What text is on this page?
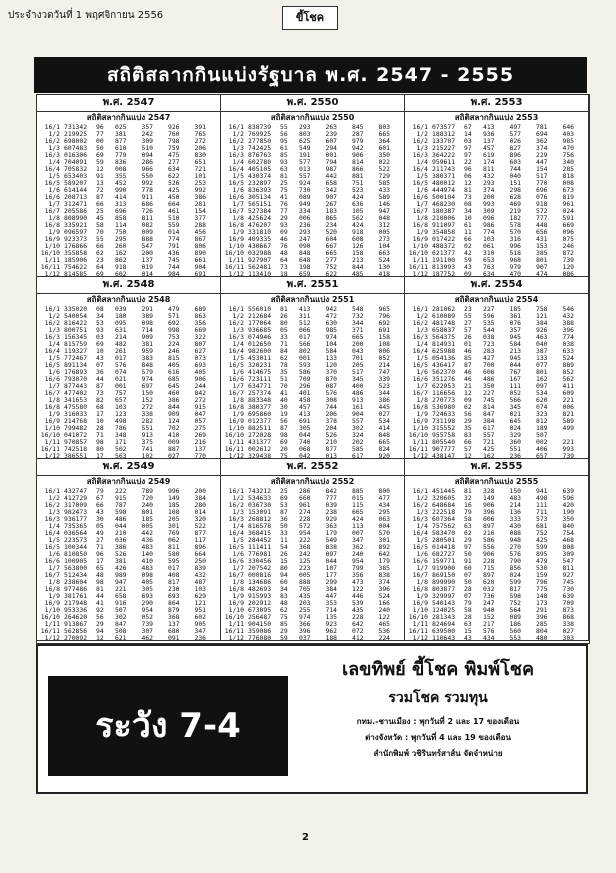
ประจำงวดวันที่ 1 พฤศจิกายน 2556	ขี้โชค
สถิติสลากกินแบ่งรัฐบาล พ.ศ. 2547 - 2555
พ.ศ. 2547
สถิติสลากกินแบ่ง 2547
16/1	731342	96	025	357	926	391
1/2	219925	77	381	242	760	765
16/2	698002	00	877	309	798	272
1/3	607483	50	610	510	759	206
16/3	016306	69	779	094	475	830
1/4	704091	59	836	286	277	651
16/4	705832	12	008	966	634	721
1/5	653403	91	355	550	622	101
16/5	589207	13	452	992	526	253
1/6	614144	72	990	778	425	992
16/6	208713	87	414	911	450	386
1/7	312471	66	313	686	664	281
16/7	205586	25	696	726	461	154
1/8	808990	45	858	811	510	377
16/8	335921	58	114	082	559	288
1/9	096597	70	750	009	014	456
16/9	923373	55	295	888	774	867
1/10	176866	66	260	547	791	806
16/10	355858	62	162	200	436	890
1/11	185906	23	862	137	745	661
16/11	754622	64	918	019	744	904
1/12	814585	69	602	014	984	691

พ.ศ. 2550
สถิติสลากกินแบ่ง 2550
16/1	838739	55	293	263	845	803
1/2	769925	56	803	239	287	665
16/2	277850	95	625	607	979	364
1/3	742425	61	549	294	942	601
16/3	876763	85	191	001	906	350
1/4	602780	93	577	794	814	022
16/4	405105	63	013	987	866	522
1/5	430374	81	557	442	881	729
16/5	232897	25	924	658	751	585
1/6	836393	75	730	342	523	433
16/6	305134	41	089	907	424	589
1/7	565151	76	949	267	636	146
16/7	527384	77	334	183	105	947
1/8	425624	29	006	865	562	048
16/8	476207	93	236	234	424	312
1/9	331810	09	293	520	918	005
16/9	409335	46	247	604	608	273
1/10	430667	76	090	667	126	104
16/10	032988	48	848	665	158	663
1/11	927907	64	648	277	213	524
16/11	562481	73	198	752	844	130
1/12	113410	18	659	622	485	418

พ.ศ. 2553
สถิติสลากกินแบ่ง 2553
16/1	073577	67	413	497	781	646
1/2	188312	14	936	577	694	403
16/2	133707	03	137	026	362	985
1/3	215227	97	457	827	374	470
16/3	364222	97	619	896	229	756
1/4	959611	22	174	603	447	340
16/4	211743	96	811	744	154	285
1/5	380371	06	432	040	517	818
16/5	480012	12	293	151	770	008
1/6	444974	81	374	298	696	673
16/6	500104	73	200	628	076	819
1/7	468230	08	993	469	918	961
16/7	180387	34	309	219	572	024
1/8	210006	10	096	182	777	591
16/8	911097	61	986	578	448	669
1/9	354858	11	774	570	656	096
16/9	017422	66	103	316	431	075
1/10	488372	02	061	996	153	246
16/10	621377	42	310	518	385	872
1/11	191100	59	653	968	801	739
16/11	813993	43	763	979	907	129
1/12	187752	09	634	470	474	086

พ.ศ. 2548
สถิติสลากกินแบ่ง 2548
16/1	335020	08	039	291	479	689
1/2	540054	34	180	389	571	863
16/2	816422	53	095	098	692	356
1/3	800751	93	631	714	998	669
16/3	156345	03	214	909	753	322
1/4	815759	69	482	381	224	807
16/4	119327	10	261	959	246	627
1/5	772467	43	017	383	815	073
16/5	891134	07	576	848	405	693
1/6	176893	36	074	579	616	405
16/6	793070	44	021	974	685	906
1/7	877443	87	001	697	645	244
16/7	477402	73	757	150	460	842
1/8	341653	82	657	152	386	272
16/8	475580	68	103	272	844	915
1/9	316033	17	123	338	909	047
16/9	214768	10	498	282	124	057
1/10	799482	28	786	551	702	275
16/10	041072	71	348	913	410	269
1/11	970857	98	171	375	009	216
16/11	742518	80	502	741	887	137
1/12	386551	17	563	102	027	770

พ.ศ. 2551
สถิติสลากกินแบ่ง 2551
16/1	556010	81	413	942	548	965
1/2	212684	26	311	472	732	796
16/2	177064	80	512	630	344	692
1/3	936685	05	066	985	371	691
16/3	074946	33	017	974	665	158
1/4	012650	71	566	104	200	108
16/4	982600	84	802	584	043	006
1/5	453011	62	001	133	701	052
16/5	320231	78	593	120	205	214
1/6	414675	35	586	370	517	747
16/6	723111	51	709	870	345	339
1/7	634771	70	296	087	400	523
16/7	257374	41	401	576	486	344
1/8	883348	40	458	308	913	386
16/8	380377	30	457	744	161	445
1/9	695860	19	413	206	904	027
16/9	012377	56	691	378	557	534
1/10	882511	87	305	204	302	414
16/10	272028	98	044	526	324	848
1/11	431377	69	740	210	202	665
16/11	002612	20	068	877	585	824
1/12	329438	75	042	013	617	920

พ.ศ. 2554
สถิติสลากกินแบ่ง 2554
16/1	281062	23	227	185	758	546
1/2	610089	55	596	361	121	432
16/2	481748	27	535	076	384	388
1/3	658037	57	544	357	926	396
16/3	564375	26	038	945	463	774
1/4	814931	01	723	584	040	038
16/4	625988	46	283	213	387	633
1/5	054136	85	427	945	133	524
16/5	436417	87	700	044	077	889
1/6	562370	46	606	767	801	852
16/6	351276	46	486	167	162	562
1/7	622953	21	350	111	097	411
16/7	116656	12	227	052	534	609
1/8	270773	09	745	566	620	221
16/8	536980	62	814	345	074	006
1/9	724633	56	847	021	323	821
16/9	731198	29	384	645	812	589
1/10	315552	35	617	024	189	499
16/10	955758	83	557	329	507	
1/11	805540	66	721	360	002	221
16/11	907777	57	425	551	406	993
1/12	438147	12	162	236	657	739

พ.ศ. 2549
สถิติสลากกินแบ่ง 2549
16/1	432747	79	222	789	996	200
1/2	412729	67	915	720	149	384
16/2	317009	66	787	240	185	280
1/3	982473	43	598	801	108	014
16/3	936177	30	486	185	205	320
1/4	735365	05	044	005	301	522
16/4	036564	49	210	442	769	877
1/5	223573	27	036	436	062	117
16/5	100344	71	386	483	811	896
1/6	810850	96	526	140	580	664
16/6	100905	17	381	410	595	250
1/7	563800	65	426	483	017	839
16/7	512434	48	989	098	408	432
1/8	238604	98	947	405	817	487
16/8	977486	81	221	305	230	103
1/9	381761	44	658	693	693	629
16/9	217948	41	916	290	864	121
1/10	953336	92	507	954	879	951
16/10	264620	56	302	052	368	602
1/11	913867	29	847	739	137	905
16/11	562856	94	508	307	680	347
1/12	270092	12	621	462	091	236

พ.ศ. 2552
สถิติสลากกินแบ่ง 2552
16/1	743212	25	286	842	885	800
1/2	534633	69	660	777	015	477
16/2	036730	53	961	039	115	434
1/3	153091	87	274	238	665	295
16/3	268812	36	228	929	424	063
1/4	816578	50	572	363	113	004
16/4	368415	33	954	179	007	570
1/5	284452	11	222	549	347	301
16/5	111411	54	368	838	362	892
1/6	776981	26	242	097	240	642
16/6	330456	15	125	044	954	179
1/7	207542	80	223	107	799	385
16/7	000816	94	005	177	356	838
1/8	134686	60	888	299	473	374
16/8	482693	34	705	384	122	396
1/9	915993	83	435	447	446	524
16/9	202912	48	203	353	539	166
1/10	673095	62	255	714	435	240
16/10	256487	75	974	135	228	122
1/11	904150	85	366	923	642	465
16/11	359086	29	396	962	072	536
1/12	776080	59	037	188	412	224

พ.ศ. 2555
สถิติสลากกินแบ่ง 2555
16/1	451445	81	328	150	941	639
1/2	320605	32	149	483	498	596
16/2	648684	16	906	214	111	420
1/3	222518	79	396	136	711	190
16/3	607364	58	606	333	573	350
1/4	757562	63	897	430	681	840
16/4	583470	62	216	088	752	754
1/5	280501	29	586	948	425	468
16/5	014418	97	556	270	599	808
1/6	682727	50	906	576	895	309
16/6	159771	91	228	790	479	547
1/7	919900	60	715	856	530	811
16/7	869150	07	897	024	159	927
1/8	899990	50	620	599	796	745
16/8	803877	28	032	817	775	730
1/9	329997	07	736	598	148	639
16/9	540143	79	247	752	173	709
1/10	124025	58	940	564	291	873
16/10	281343	28	152	089	396	868
1/11	824694	63	217	186	285	338
16/11	639500	15	576	560	804	027
1/12	110643	43	434	553	480	303

ระวัง 7-4
เลขทิพย์ ขี้โชค พิมพ์โชค
รวมโชค รวมทุน
กทม.-ชานเมือง : พุกวันที่ 2 และ 17 ของเดือน
ต่างจังหวัด : พุกวันที่ 4 และ 19 ของเดือน
สำนักพิมพ์ วชิรินทร์สาส์น จัดจำหน่าย
2
